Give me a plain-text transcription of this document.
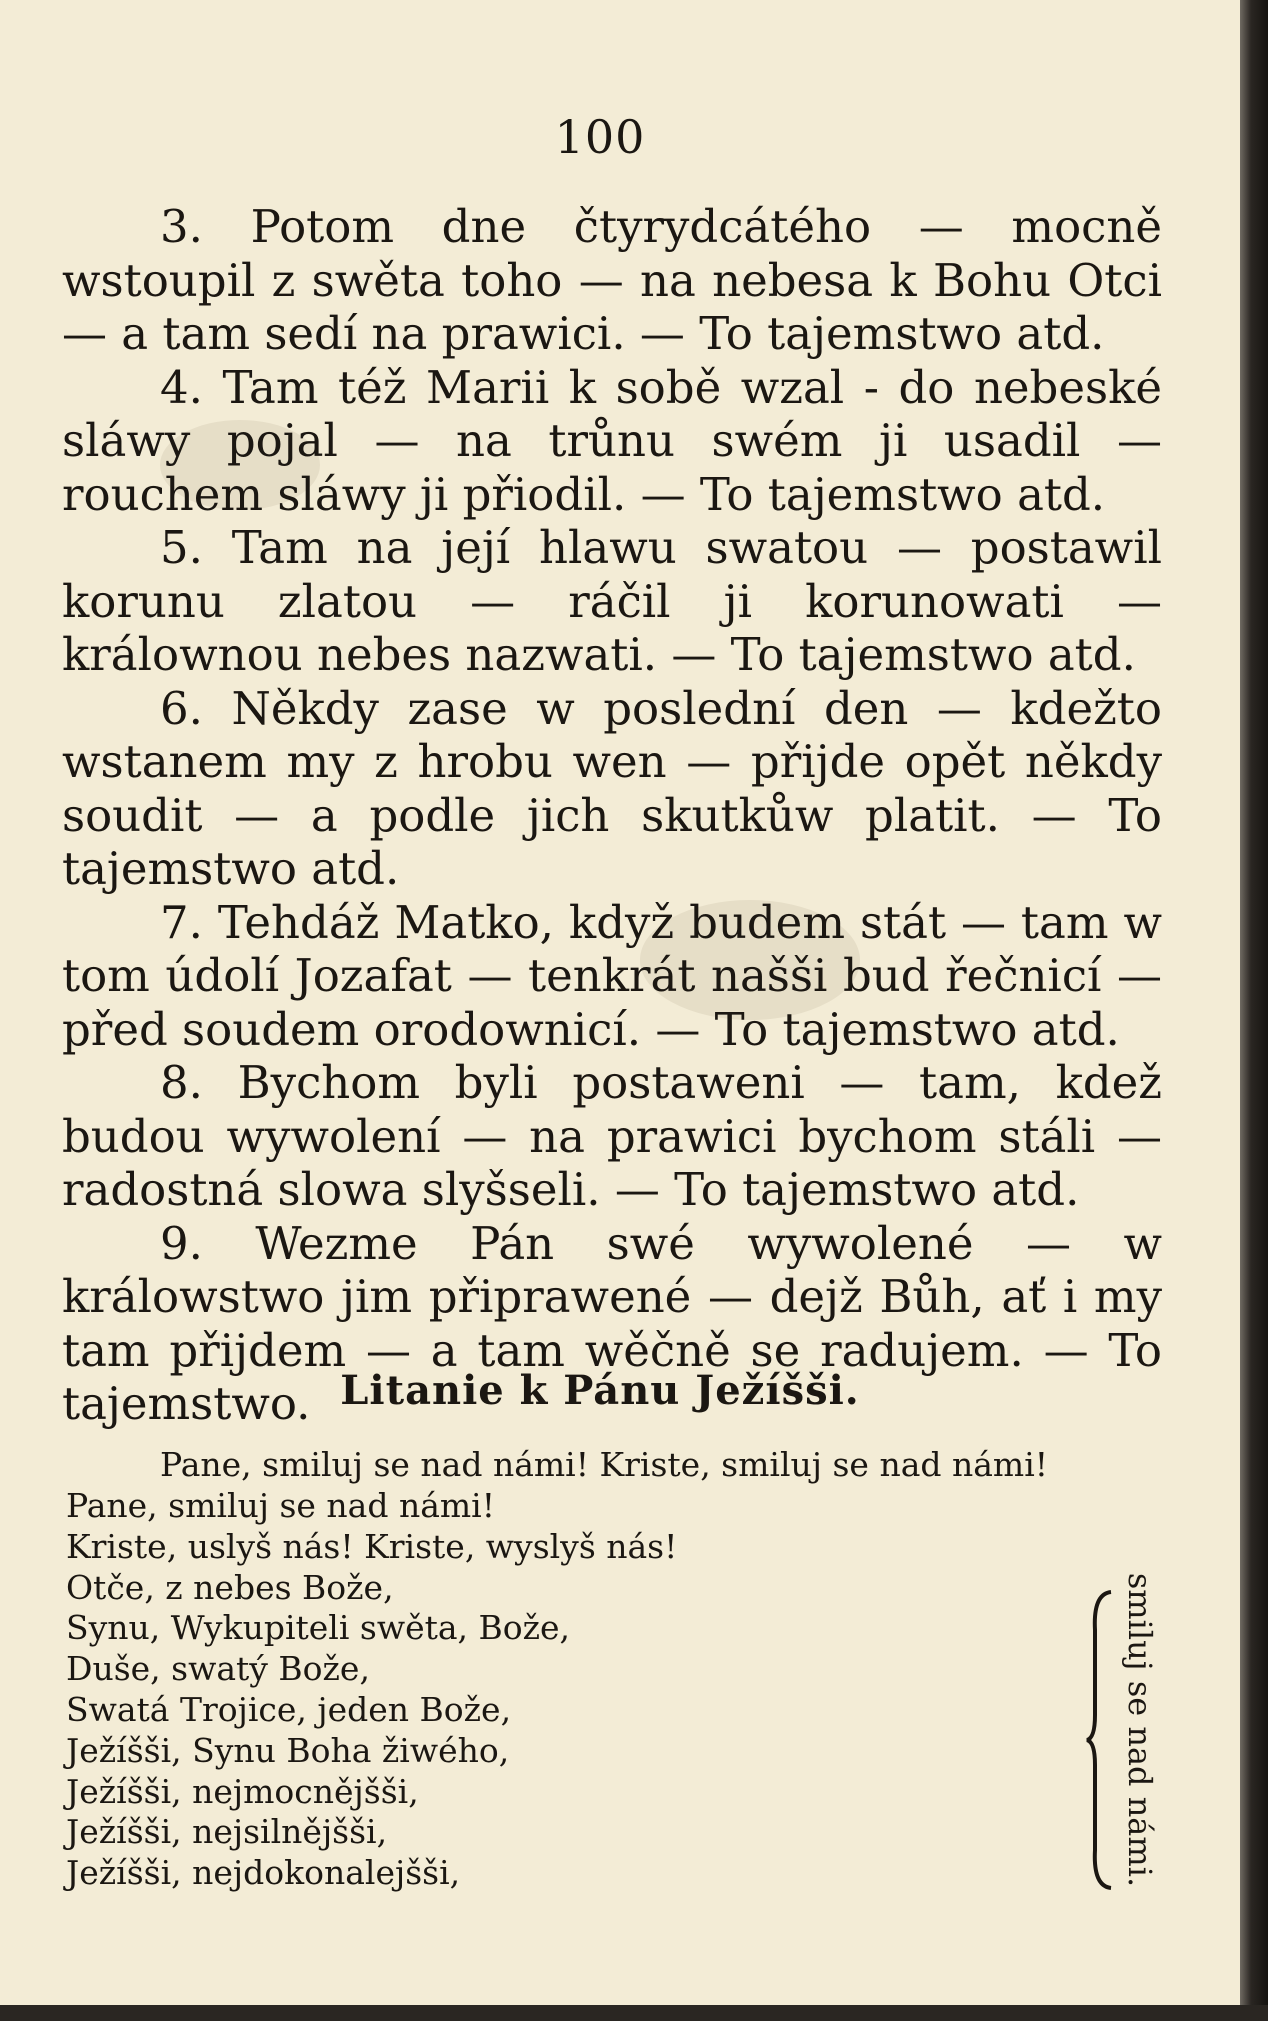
100

3. Potom dne čtyrydcátého — mocně wstoupil z swěta toho — na nebesa k Bohu Otci — a tam sedí na prawici. — To tajemstwo atd.

4. Tam též Marii k sobě wzal - do nebeské sláwy pojal — na trůnu swém ji usadil — rouchem sláwy ji přiodil. — To tajemstwo atd.

5. Tam na její hlawu swatou — postawil korunu zlatou — ráčil ji korunowati — králownou nebes nazwati. — To tajemstwo atd.

6. Někdy zase w poslední den — kdežto wstanem my z hrobu wen — přijde opět někdy soudit — a podle jich skutkůw platit. — To tajemstwo atd.

7. Tehdáž Matko, když budem stát — tam w tom údolí Jozafat — tenkrát našši bud řečnicí — před soudem orodownicí. — To tajemstwo atd.

8. Bychom byli postaweni — tam, kdež budou wywolení — na prawici bychom stáli — radostná slowa slyšseli. — To tajemstwo atd.

9. Wezme Pán swé wywolené — w králowstwo jim připrawené — dejž Bůh, ať i my tam přijdem — a tam wěčně se radujem. — To tajemstwo. Litanie k Pánu Ježíšši.
Pane, smiluj se nad námi! Kriste, smiluj se nad námi!
Pane, smiluj se nad námi!
Kriste, uslyš nás! Kriste, wyslyš nás!
Otče, z nebes Bože,
Synu, Wykupiteli swěta, Bože,
Duše, swatý Bože,
Swatá Trojice, jeden Bože,
Ježíšši, Synu Boha žiwého,
Ježíšši, nejmocnějšši,
Ježíšši, nejsilnějšši,
Ježíšši, nejdokonalejšši,	smiluj se nad námi.
